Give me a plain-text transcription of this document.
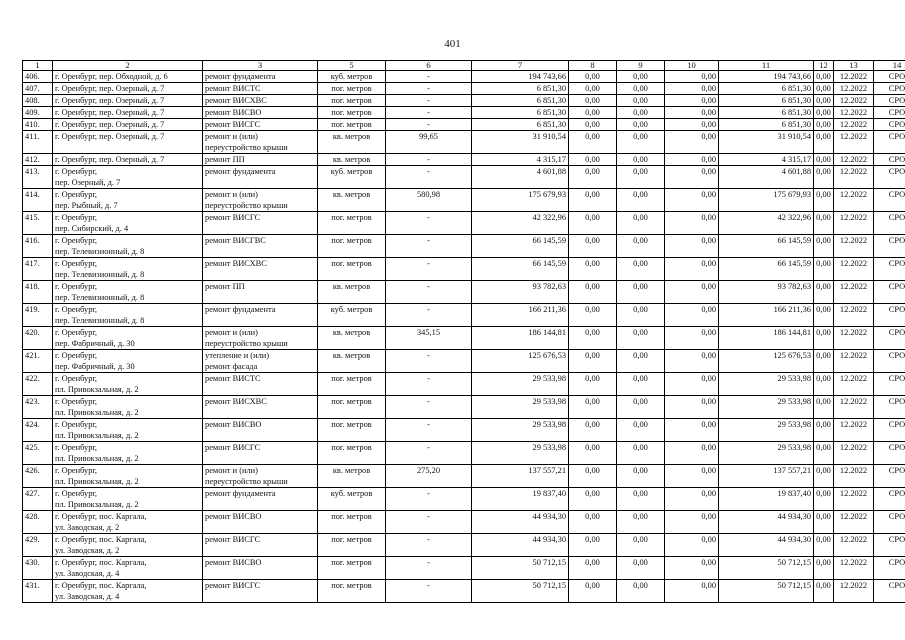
401
1	2	3	5	6	7	8	9	10	11	12	13	14
406.	г. Оренбург, пер. Обходной, д. 6	ремонт фундамента	куб. метров	-	194 743,66	0,00	0,00	0,00	194 743,66	0,00	12.2022	СРО
407.	г. Оренбург, пер. Озерный, д. 7	ремонт ВИСТС	пог. метров	-	6 851,30	0,00	0,00	0,00	6 851,30	0,00	12.2022	СРО
408.	г. Оренбург, пер. Озерный, д. 7	ремонт ВИСХВС	пог. метров	-	6 851,30	0,00	0,00	0,00	6 851,30	0,00	12.2022	СРО
409.	г. Оренбург, пер. Озерный, д. 7	ремонт ВИСВО	пог. метров	-	6 851,30	0,00	0,00	0,00	6 851,30	0,00	12.2022	СРО
410.	г. Оренбург, пер. Озерный, д. 7	ремонт ВИСГС	пог. метров	-	6 851,30	0,00	0,00	0,00	6 851,30	0,00	12.2022	СРО
411.	г. Оренбург, пер. Озерный, д. 7	ремонт и (или)
переустройство крыши	кв. метров	99,65	31 910,54	0,00	0,00	0,00	31 910,54	0,00	12.2022	СРО
412.	г. Оренбург, пер. Озерный, д. 7	ремонт ПП	кв. метров	-	4 315,17	0,00	0,00	0,00	4 315,17	0,00	12.2022	СРО
413.	г. Оренбург,
пер. Озерный, д. 7	ремонт фундамента	куб. метров	-	4 601,88	0,00	0,00	0,00	4 601,88	0,00	12.2022	СРО
414.	г. Оренбург,
пер. Рыбный, д. 7	ремонт и (или)
переустройство крыши	кв. метров	580,98	175 679,93	0,00	0,00	0,00	175 679,93	0,00	12.2022	СРО
415.	г. Оренбург,
пер. Сибирский, д. 4	ремонт ВИСГС	пог. метров	-	42 322,96	0,00	0,00	0,00	42 322,96	0,00	12.2022	СРО
416.	г. Оренбург,
пер. Телевизионный, д. 8	ремонт ВИСГВС	пог. метров	-	66 145,59	0,00	0,00	0,00	66 145,59	0,00	12.2022	СРО
417.	г. Оренбург,
пер. Телевизионный, д. 8	ремонт ВИСХВС	пог. метров	-	66 145,59	0,00	0,00	0,00	66 145,59	0,00	12.2022	СРО
418.	г. Оренбург,
пер. Телевизионный, д. 8	ремонт ПП	кв. метров	-	93 782,63	0,00	0,00	0,00	93 782,63	0,00	12.2022	СРО
419.	г. Оренбург,
пер. Телевизионный, д. 8	ремонт фундамента	куб. метров	-	166 211,36	0,00	0,00	0,00	166 211,36	0,00	12.2022	СРО
420.	г. Оренбург,
пер. Фабричный, д. 30	ремонт и (или)
переустройство крыши	кв. метров	345,15	186 144,81	0,00	0,00	0,00	186 144,81	0,00	12.2022	СРО
421.	г. Оренбург,
пер. Фабричный, д. 30	утепление и (или)
ремонт фасада	кв. метров	-	125 676,53	0,00	0,00	0,00	125 676,53	0,00	12.2022	СРО
422.	г. Оренбург,
пл. Привокзальная, д. 2	ремонт ВИСТС	пог. метров	-	29 533,98	0,00	0,00	0,00	29 533,98	0,00	12.2022	СРО
423.	г. Оренбург,
пл. Привокзальная, д. 2	ремонт ВИСХВС	пог. метров	-	29 533,98	0,00	0,00	0,00	29 533,98	0,00	12.2022	СРО
424.	г. Оренбург,
пл. Привокзальная, д. 2	ремонт ВИСВО	пог. метров	-	29 533,98	0,00	0,00	0,00	29 533,98	0,00	12.2022	СРО
425.	г. Оренбург,
пл. Привокзальная, д. 2	ремонт ВИСГС	пог. метров	-	29 533,98	0,00	0,00	0,00	29 533,98	0,00	12.2022	СРО
426.	г. Оренбург,
пл. Привокзальная, д. 2	ремонт и (или)
переустройство крыши	кв. метров	275,20	137 557,21	0,00	0,00	0,00	137 557,21	0,00	12.2022	СРО
427.	г. Оренбург,
пл. Привокзальная, д. 2	ремонт фундамента	куб. метров	-	19 837,40	0,00	0,00	0,00	19 837,40	0,00	12.2022	СРО
428.	г. Оренбург, пос. Каргала,
ул. Заводская, д. 2	ремонт ВИСВО	пог. метров	-	44 934,30	0,00	0,00	0,00	44 934,30	0,00	12.2022	СРО
429.	г. Оренбург, пос. Каргала,
ул. Заводская, д. 2	ремонт ВИСГС	пог. метров	-	44 934,30	0,00	0,00	0,00	44 934,30	0,00	12.2022	СРО
430.	г. Оренбург, пос. Каргала,
ул. Заводская, д. 4	ремонт ВИСВО	пог. метров	-	50 712,15	0,00	0,00	0,00	50 712,15	0,00	12.2022	СРО
431.	г. Оренбург, пос. Каргала,
ул. Заводская, д. 4	ремонт ВИСГС	пог. метров	-	50 712,15	0,00	0,00	0,00	50 712,15	0,00	12.2022	СРО
